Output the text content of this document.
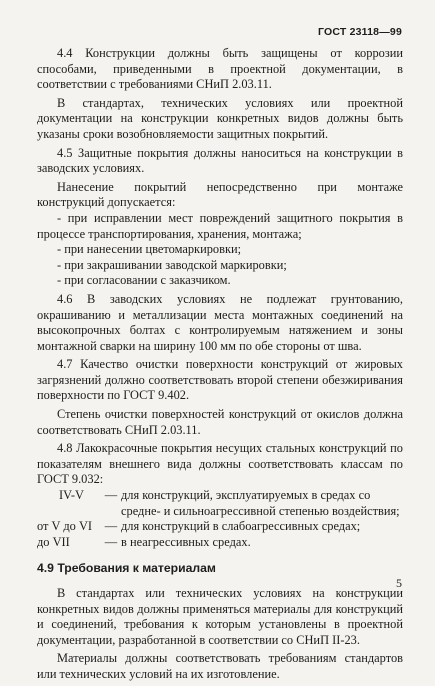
ГОСТ 23118—99

4.4 Конструкции должны быть защищены от коррозии способами, приведенными в проектной документации, в соответствии с требованиями СНиП 2.03.11.

В стандартах, технических условиях или проектной документации на конструкции конкретных видов должны быть указаны сроки возобновляемости защитных покрытий.

4.5 Защитные покрытия должны наноситься на конструкции в заводских условиях.

Нанесение покрытий непосредственно при монтаже конструкций допускается:

- при исправлении мест повреждений защитного покрытия в процессе транспортирования, хранения, монтажа;

- при нанесении цветомаркировки;

- при закрашивании заводской маркировки;

- при согласовании с заказчиком.

4.6 В заводских условиях не подлежат грунтованию, окрашиванию и металлизации места монтажных соединений на высокопрочных болтах с контролируемым натяжением и зоны монтажной сварки на ширину 100 мм по обе стороны от шва.

4.7 Качество очистки поверхности конструкций от жировых загрязнений должно соответствовать второй степени обезжиривания поверхности по ГОСТ 9.402.

Степень очистки поверхностей конструкций от окислов должна соответствовать СНиП 2.03.11.

4.8 Лакокрасочные покрытия несущих стальных конструкций по показателям внешнего вида должны соответствовать классам по ГОСТ 9.032:

IV-V	—	для конструкций, эксплуатируемых в средах со средне- и сильноагрессивной степенью воздействия;
от V до VI	—	для конструкций в слабоагрессивных средах;
до VII	—	в неагрессивных средах.
4.9 Требования к материалам

В стандартах или технических условиях на конструкции конкретных видов должны применяться материалы для конструкций и соединений, требования к которым установлены в проектной документации, разработанной в соответствии со СНиП II-23.

Материалы должны соответствовать требованиям стандартов или технических условий на их изготовление.

5
